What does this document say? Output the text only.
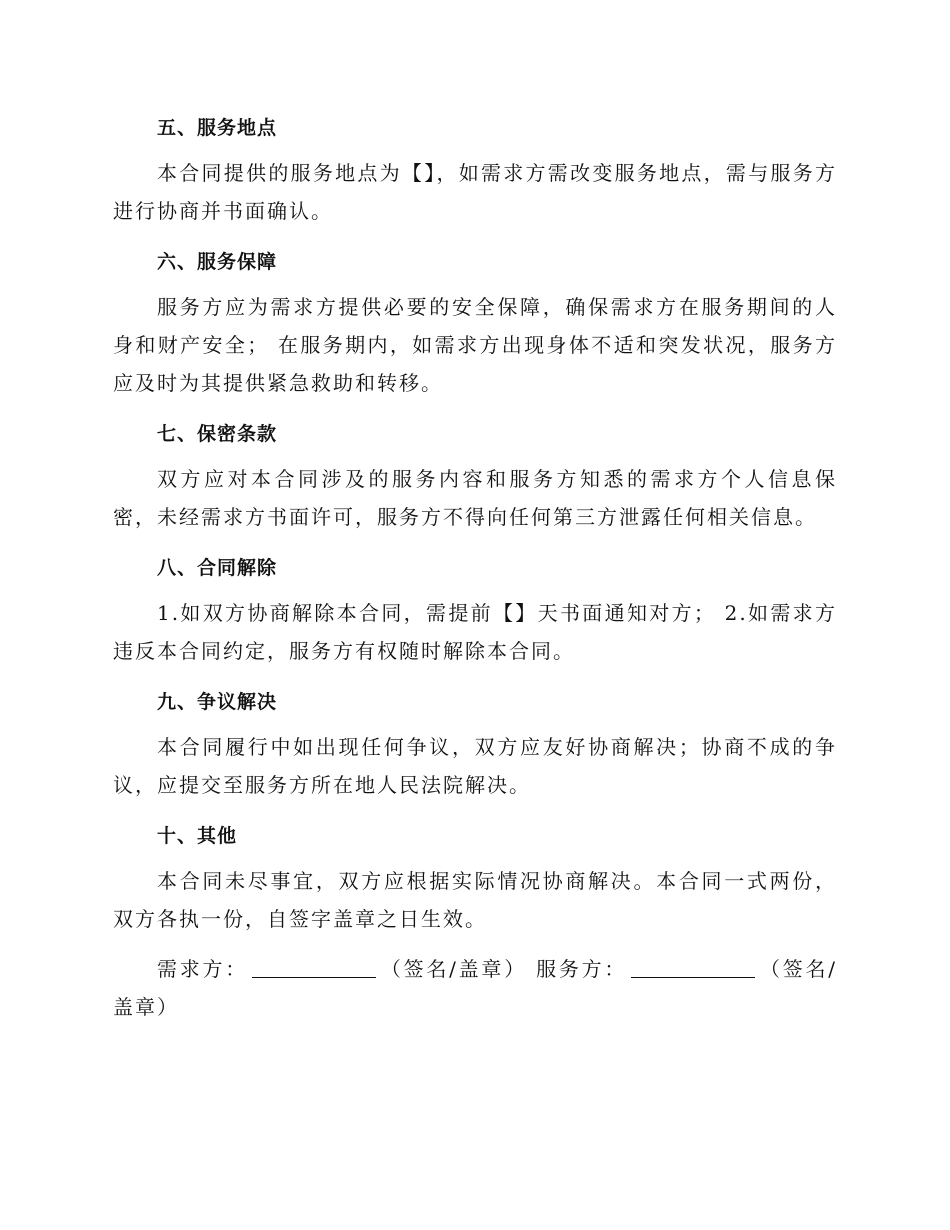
五、服务地点

本合同提供的服务地点为【】，如需求方需改变服务地点，需与服务方进行协商并书面确认。

六、服务保障

服务方应为需求方提供必要的安全保障，确保需求方在服务期间的人身和财产安全； 在服务期内，如需求方出现身体不适和突发状况，服务方应及时为其提供紧急救助和转移。

七、保密条款

双方应对本合同涉及的服务内容和服务方知悉的需求方个人信息保密，未经需求方书面许可，服务方不得向任何第三方泄露任何相关信息。

八、合同解除

1.如双方协商解除本合同，需提前【】天书面通知对方； 2.如需求方违反本合同约定，服务方有权随时解除本合同。

九、争议解决

本合同履行中如出现任何争议，双方应友好协商解决；协商不成的争议，应提交至服务方所在地人民法院解决。

十、其他

本合同未尽事宜，双方应根据实际情况协商解决。本合同一式两份，双方各执一份，自签字盖章之日生效。

需求方：	（签名/盖章） 服务方：	（签名/盖章）
